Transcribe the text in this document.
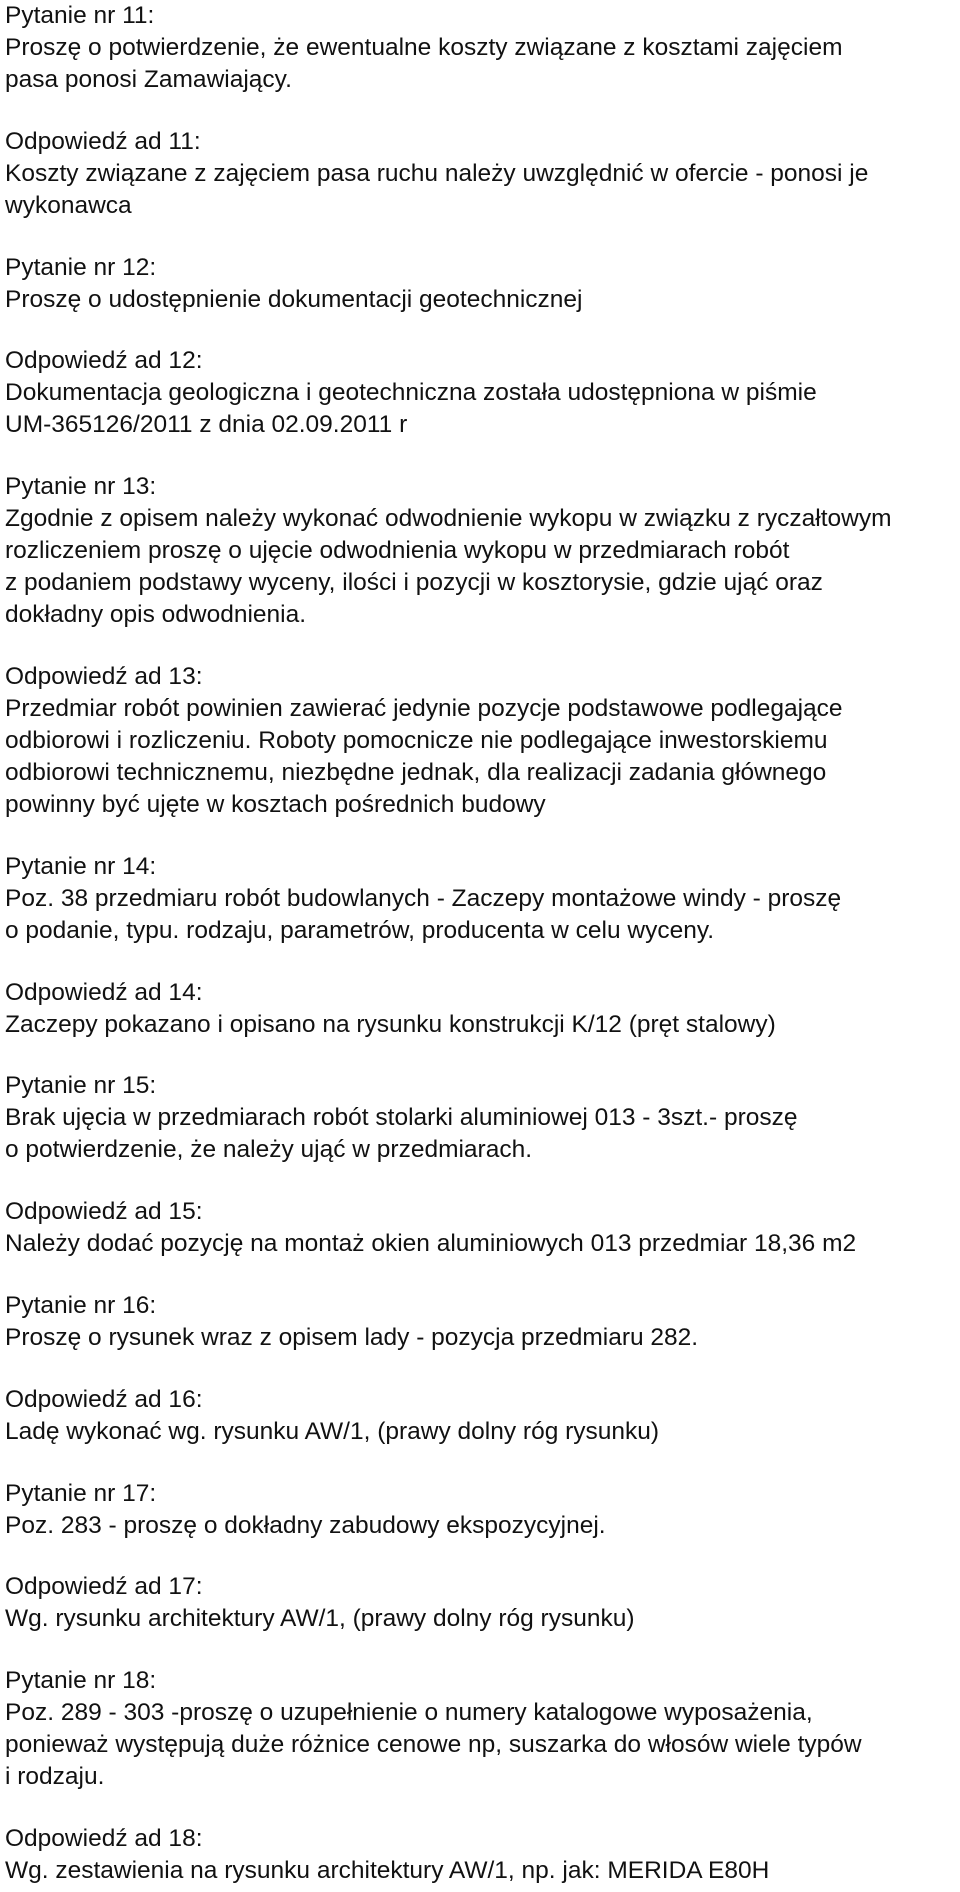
Pytanie nr 11:
Proszę o potwierdzenie, że ewentualne koszty związane z kosztami zajęciem
pasa ponosi Zamawiający.
Odpowiedź ad 11:
Koszty związane z zajęciem pasa ruchu należy uwzględnić w ofercie - ponosi je
wykonawca
Pytanie nr 12:
Proszę o udostępnienie dokumentacji geotechnicznej
Odpowiedź ad 12:
Dokumentacja geologiczna i geotechniczna została udostępniona w piśmie
UM-365126/2011 z dnia 02.09.2011 r
Pytanie nr 13:
Zgodnie z opisem należy wykonać odwodnienie wykopu w związku z ryczałtowym
rozliczeniem proszę o ujęcie odwodnienia wykopu w przedmiarach robót
z podaniem podstawy wyceny, ilości i pozycji w kosztorysie, gdzie ująć oraz
dokładny opis odwodnienia.
Odpowiedź ad 13:
Przedmiar robót powinien zawierać jedynie pozycje podstawowe podlegające
odbiorowi i rozliczeniu. Roboty pomocnicze nie podlegające inwestorskiemu
odbiorowi technicznemu, niezbędne jednak, dla realizacji zadania głównego
powinny być ujęte w kosztach pośrednich budowy
Pytanie nr 14:
Poz. 38 przedmiaru robót budowlanych - Zaczepy montażowe windy - proszę
o podanie, typu. rodzaju, parametrów, producenta w celu wyceny.
Odpowiedź ad 14:
Zaczepy pokazano i opisano na rysunku konstrukcji K/12 (pręt stalowy)
Pytanie nr 15:
Brak ujęcia w przedmiarach robót stolarki aluminiowej 013 - 3szt.- proszę
o potwierdzenie, że należy ująć w przedmiarach.
Odpowiedź ad 15:
Należy dodać pozycję na montaż okien aluminiowych 013 przedmiar 18,36 m2
Pytanie nr 16:
Proszę o rysunek wraz z opisem lady - pozycja przedmiaru 282.
Odpowiedź ad 16:
Ladę wykonać wg. rysunku AW/1, (prawy dolny róg rysunku)
Pytanie nr 17:
Poz. 283 - proszę o dokładny zabudowy ekspozycyjnej.
Odpowiedź ad 17:
Wg. rysunku architektury AW/1, (prawy dolny róg rysunku)
Pytanie nr 18:
Poz. 289 - 303 -proszę o uzupełnienie o numery katalogowe wyposażenia,
ponieważ występują duże różnice cenowe np, suszarka do włosów wiele typów
i rodzaju.
Odpowiedź ad 18:
Wg. zestawienia na rysunku architektury AW/1, np. jak: MERIDA E80H
